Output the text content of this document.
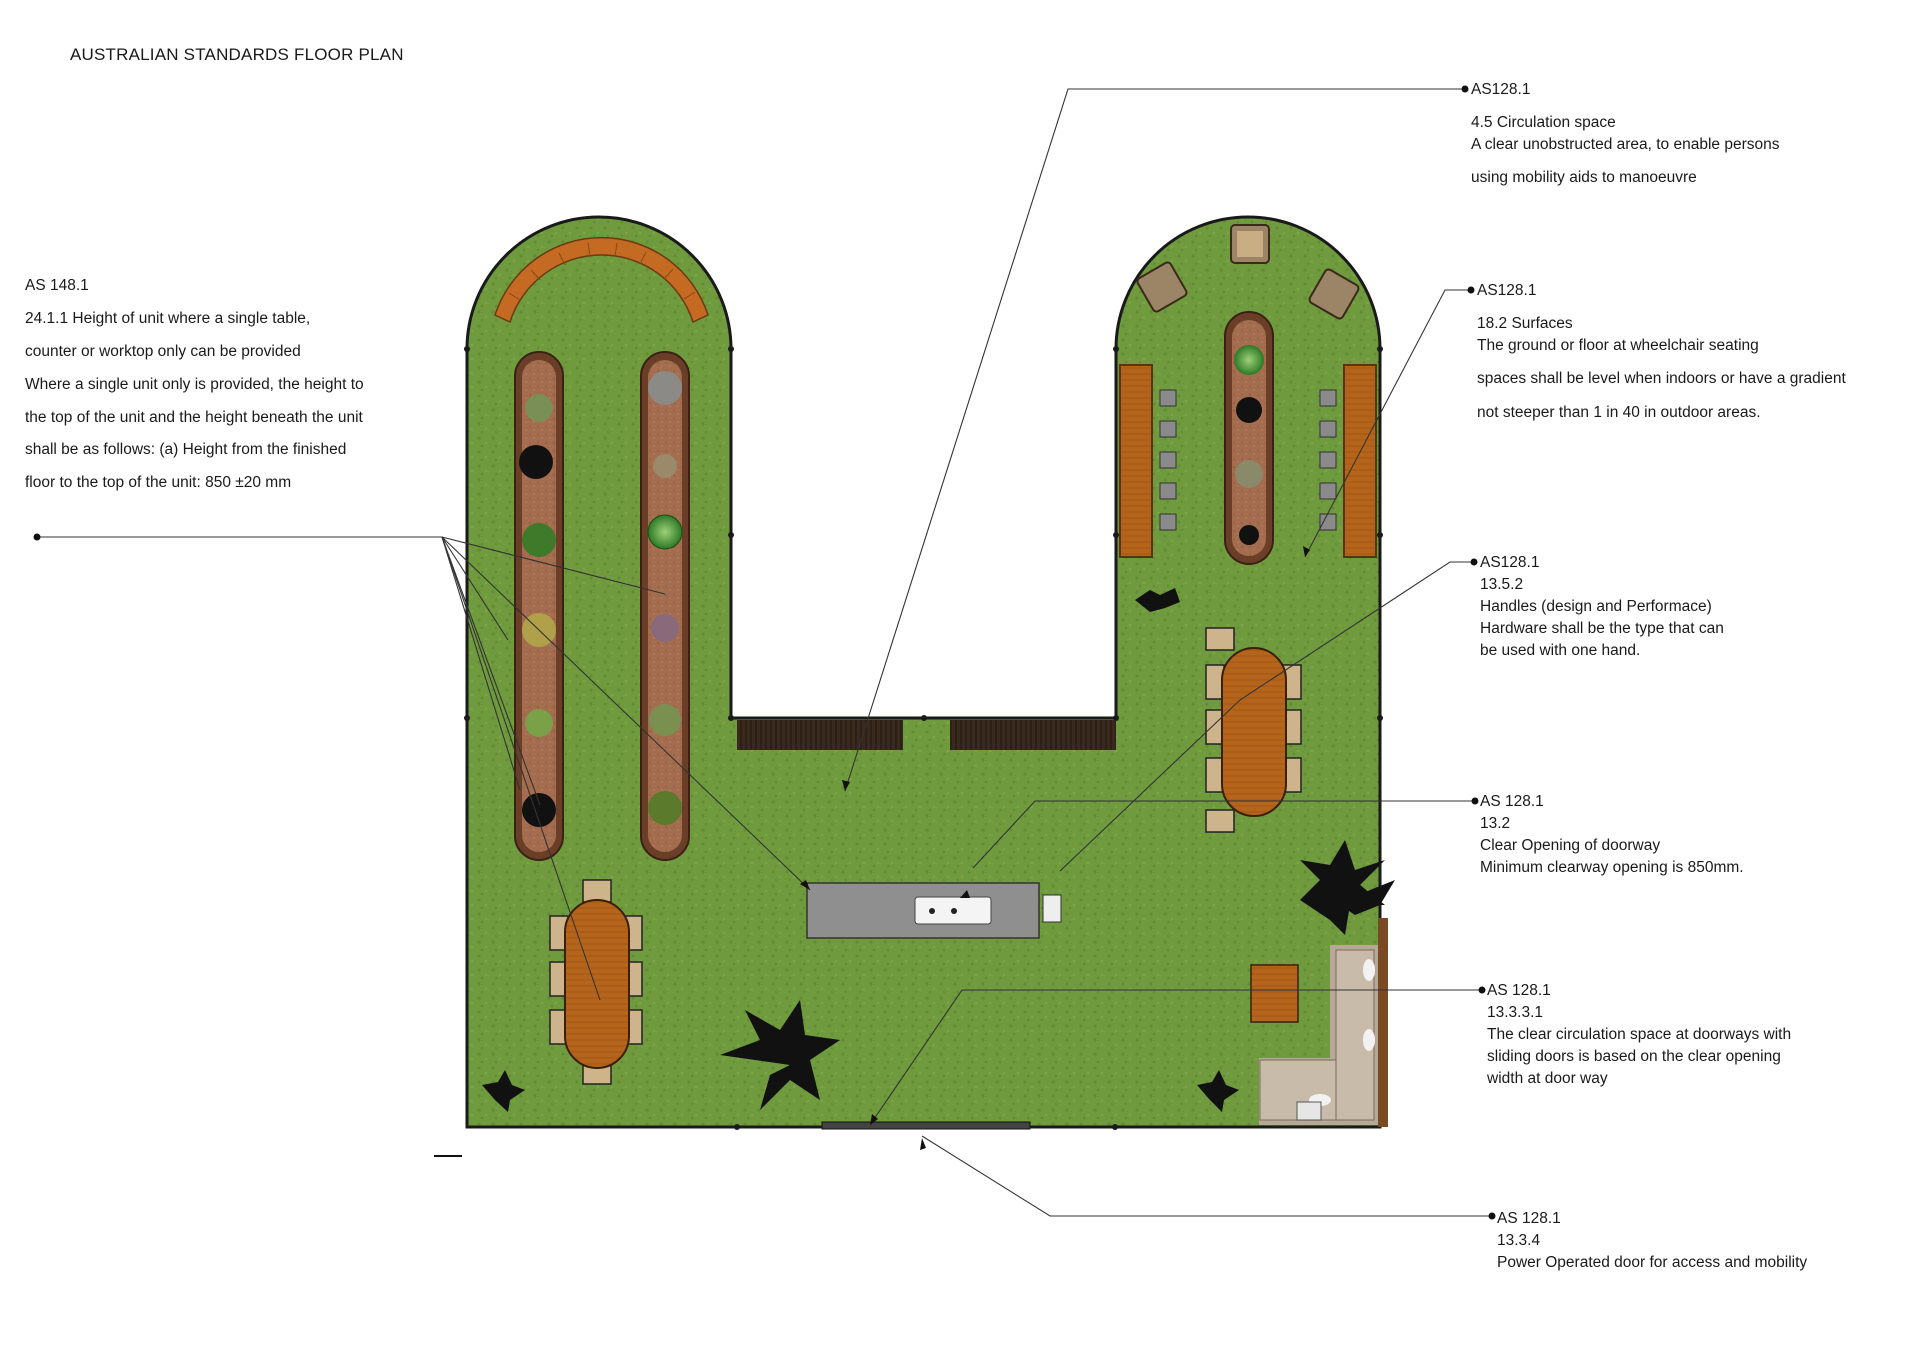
AUSTRALIAN STANDARDS FLOOR PLAN
AS 148.1
24.1.1 Height of unit where a single table,
counter or worktop only can be provided
Where a single unit only is provided, the height to
the top of the unit and the height beneath the unit
shall be as follows: (a) Height from the finished
floor to the top of the unit: 850 ±20 mm
AS128.1
4.5 Circulation space
A clear unobstructed area, to enable persons
using mobility aids to manoeuvre
AS128.1
18.2 Surfaces
The ground or floor at wheelchair seating
spaces shall be level when indoors or have a gradient
not steeper than 1 in 40 in outdoor areas.
AS128.1
13.5.2
Handles (design and Performace)
Hardware shall be the type that can
be used with one hand.
AS 128.1
13.2
Clear Opening of doorway
Minimum clearway opening is 850mm.
AS 128.1
13.3.3.1
The clear circulation space at doorways with
sliding doors is based on the clear opening
width at door way
AS 128.1
13.3.4
Power Operated door for access and mobility
